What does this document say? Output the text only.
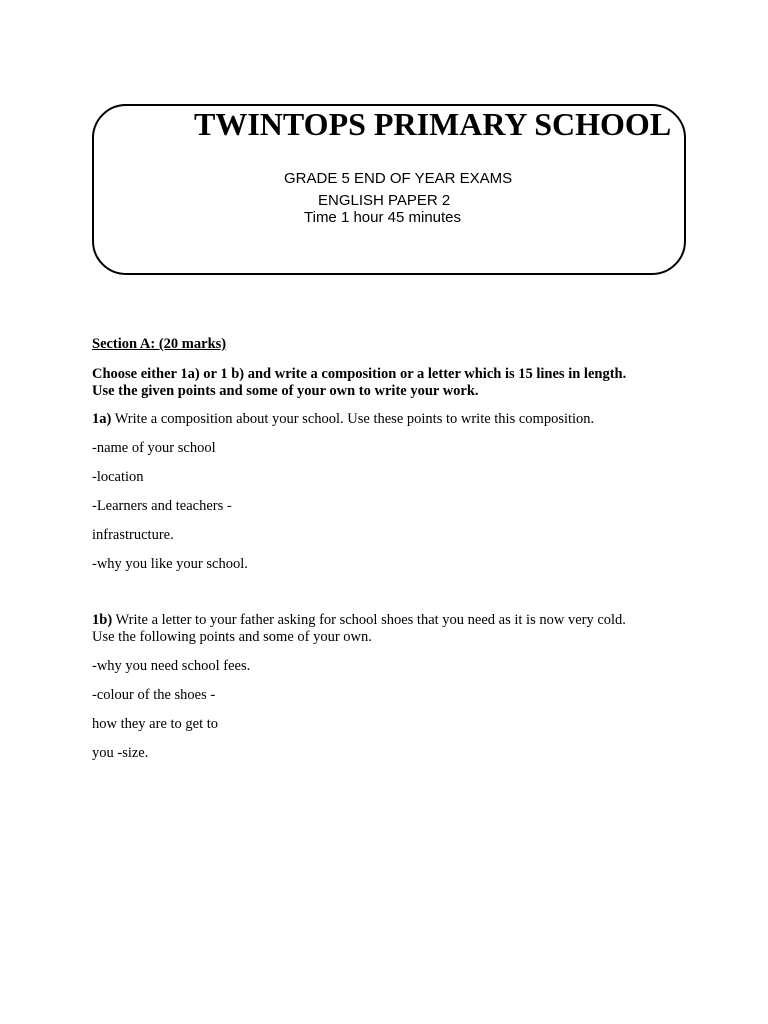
TWINTOPS PRIMARY SCHOOL

GRADE 5 END OF YEAR EXAMS

ENGLISH PAPER 2

Time 1 hour 45 minutes

Section A: (20 marks)

Choose either 1a) or 1 b) and write a composition or a letter which is 15 lines in length.
Use the given points and some of your own to write your work.

1a) Write a composition about your school. Use these points to write this composition.

-name of your school

-location

-Learners and teachers -

infrastructure.

-why you like your school.

1b) Write a letter to your father asking for school shoes that you need as it is now very cold.
Use the following points and some of your own.

-why you need school fees.

-colour of the shoes -

how they are to get to

you -size.
